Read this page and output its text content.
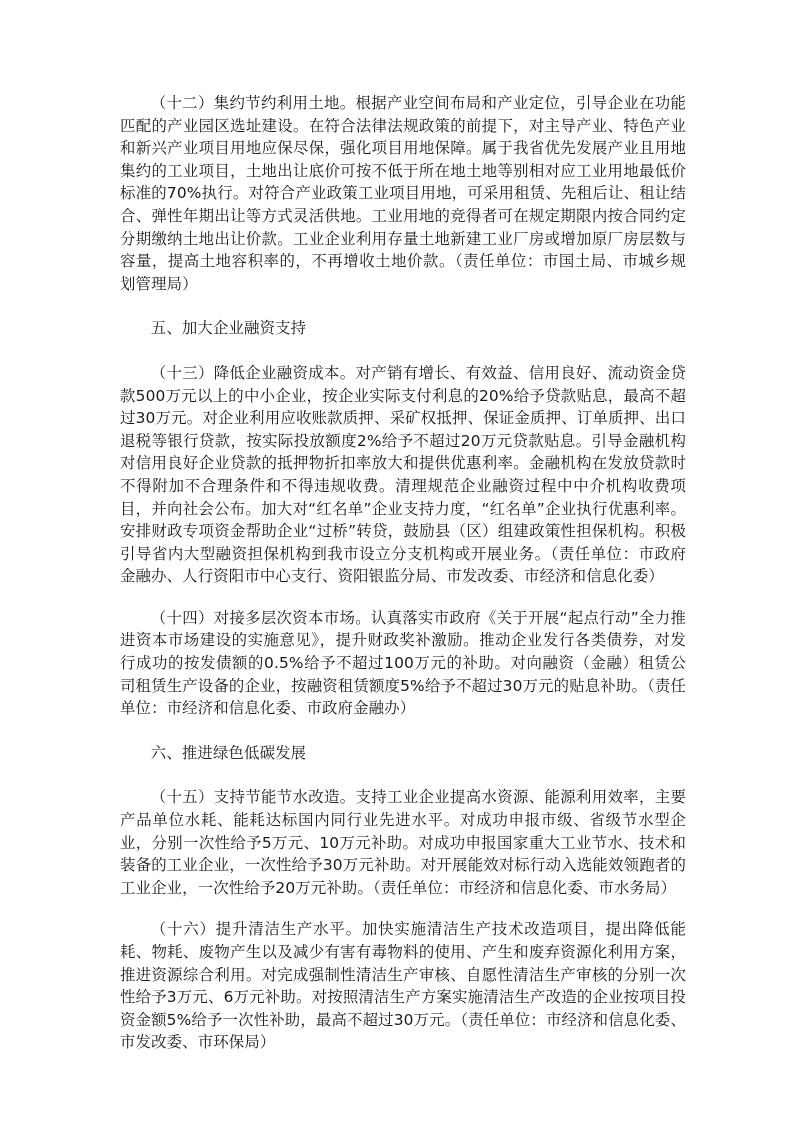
（十二）集约节约利用土地。根据产业空间布局和产业定位，引导企业在功能匹配的产业园区选址建设。在符合法律法规政策的前提下，对主导产业、特色产业和新兴产业项目用地应保尽保，强化项目用地保障。属于我省优先发展产业且用地集约的工业项目，土地出让底价可按不低于所在地土地等别相对应工业用地最低价标准的70%执行。对符合产业政策工业项目用地，可采用租赁、先租后让、租让结合、弹性年期出让等方式灵活供地。工业用地的竞得者可在规定期限内按合同约定分期缴纳土地出让价款。工业企业利用存量土地新建工业厂房或增加原厂房层数与容量，提高土地容积率的，不再增收土地价款。（责任单位：市国土局、市城乡规划管理局）

五、加大企业融资支持

（十三）降低企业融资成本。对产销有增长、有效益、信用良好、流动资金贷款500万元以上的中小企业，按企业实际支付利息的20%给予贷款贴息，最高不超过30万元。对企业利用应收账款质押、采矿权抵押、保证金质押、订单质押、出口退税等银行贷款，按实际投放额度2%给予不超过20万元贷款贴息。引导金融机构对信用良好企业贷款的抵押物折扣率放大和提供优惠利率。金融机构在发放贷款时不得附加不合理条件和不得违规收费。清理规范企业融资过程中中介机构收费项目，并向社会公布。加大对“红名单”企业支持力度，“红名单”企业执行优惠利率。安排财政专项资金帮助企业“过桥”转贷，鼓励县（区）组建政策性担保机构。积极引导省内大型融资担保机构到我市设立分支机构或开展业务。（责任单位：市政府金融办、人行资阳市中心支行、资阳银监分局、市发改委、市经济和信息化委）

（十四）对接多层次资本市场。认真落实市政府《关于开展“起点行动”全力推进资本市场建设的实施意见》，提升财政奖补激励。推动企业发行各类债券，对发行成功的按发债额的0.5%给予不超过100万元的补助。对向融资（金融）租赁公司租赁生产设备的企业，按融资租赁额度5%给予不超过30万元的贴息补助。（责任单位：市经济和信息化委、市政府金融办）

六、推进绿色低碳发展

（十五）支持节能节水改造。支持工业企业提高水资源、能源利用效率，主要产品单位水耗、能耗达标国内同行业先进水平。对成功申报市级、省级节水型企业，分别一次性给予5万元、10万元补助。对成功申报国家重大工业节水、技术和装备的工业企业，一次性给予30万元补助。对开展能效对标行动入选能效领跑者的工业企业，一次性给予20万元补助。（责任单位：市经济和信息化委、市水务局）

（十六）提升清洁生产水平。加快实施清洁生产技术改造项目，提出降低能耗、物耗、废物产生以及减少有害有毒物料的使用、产生和废弃资源化利用方案，推进资源综合利用。对完成强制性清洁生产审核、自愿性清洁生产审核的分别一次性给予3万元、6万元补助。对按照清洁生产方案实施清洁生产改造的企业按项目投资金额5%给予一次性补助，最高不超过30万元。（责任单位：市经济和信息化委、市发改委、市环保局）
